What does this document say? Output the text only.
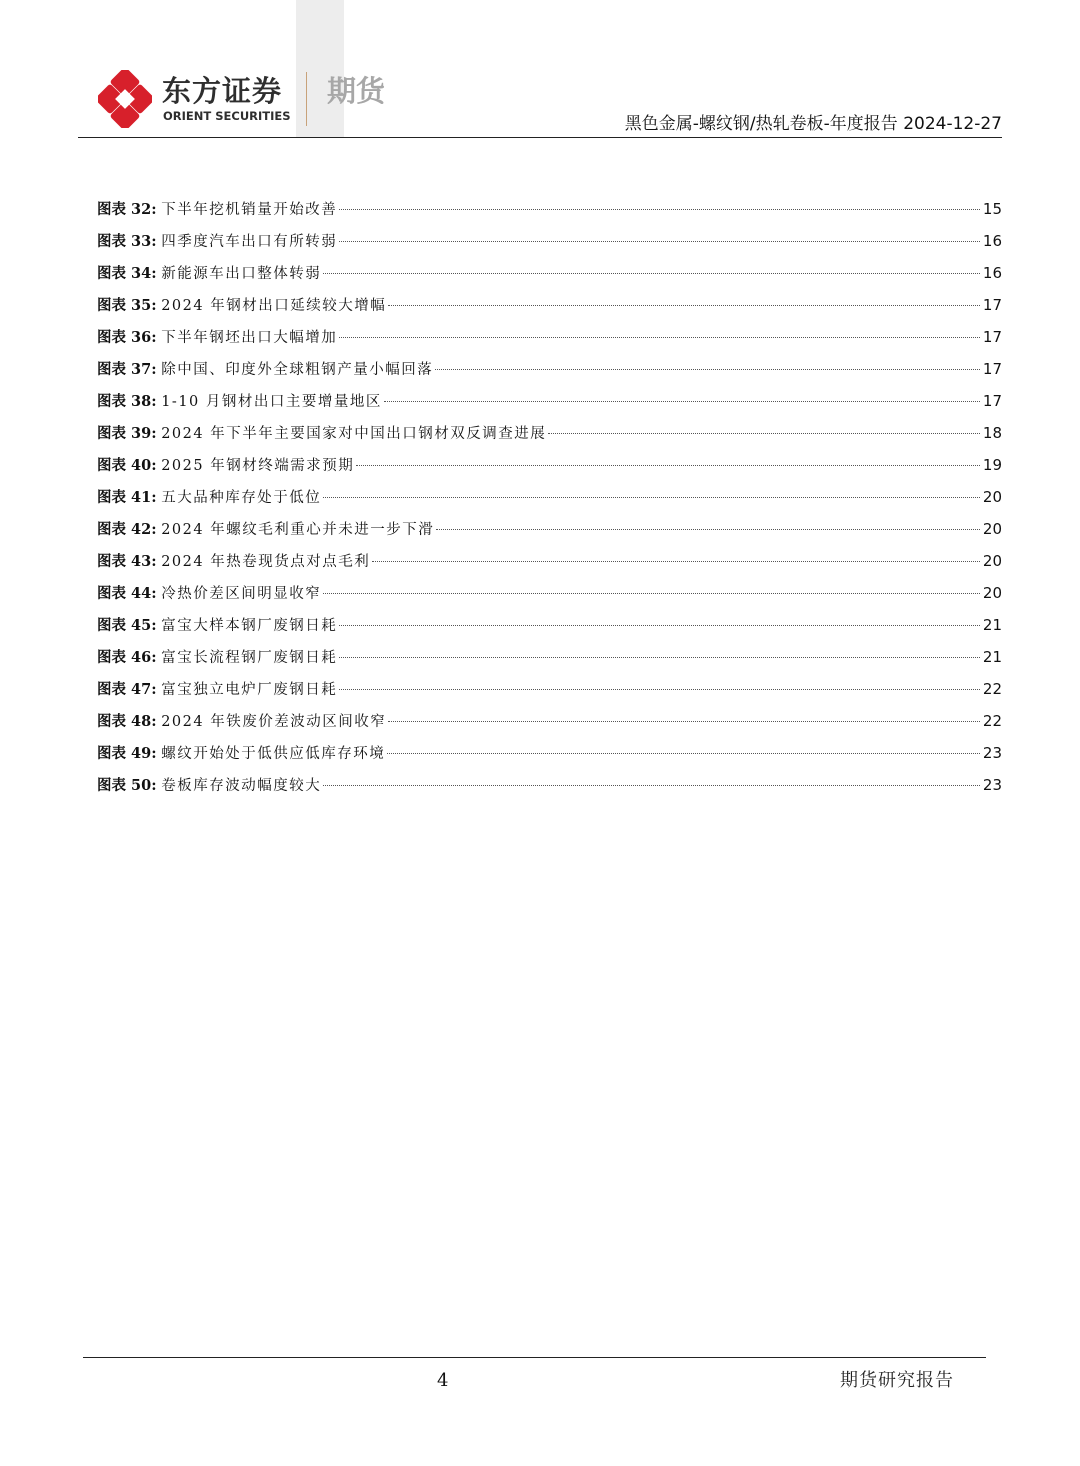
东方证券
ORIENT SECURITIES
期货
黑色金属-螺纹钢/热轧卷板-年度报告 2024-12-27
图表 32:
下半年挖机销量开始改善	15
图表 33:
四季度汽车出口有所转弱	16
图表 34:
新能源车出口整体转弱	16
图表 35:
2024 年钢材出口延续较大增幅	17
图表 36:
下半年钢坯出口大幅增加	17
图表 37:
除中国、印度外全球粗钢产量小幅回落	17
图表 38:
1-10 月钢材出口主要增量地区	17
图表 39:
2024 年下半年主要国家对中国出口钢材双反调查进展	18
图表 40:
2025 年钢材终端需求预期	19
图表 41:
五大品种库存处于低位	20
图表 42:
2024 年螺纹毛利重心并未进一步下滑	20
图表 43:
2024 年热卷现货点对点毛利	20
图表 44:
冷热价差区间明显收窄	20
图表 45:
富宝大样本钢厂废钢日耗	21
图表 46:
富宝长流程钢厂废钢日耗	21
图表 47:
富宝独立电炉厂废钢日耗	22
图表 48:
2024 年铁废价差波动区间收窄	22
图表 49:
螺纹开始处于低供应低库存环境	23
图表 50:
卷板库存波动幅度较大	23
4	期货研究报告
